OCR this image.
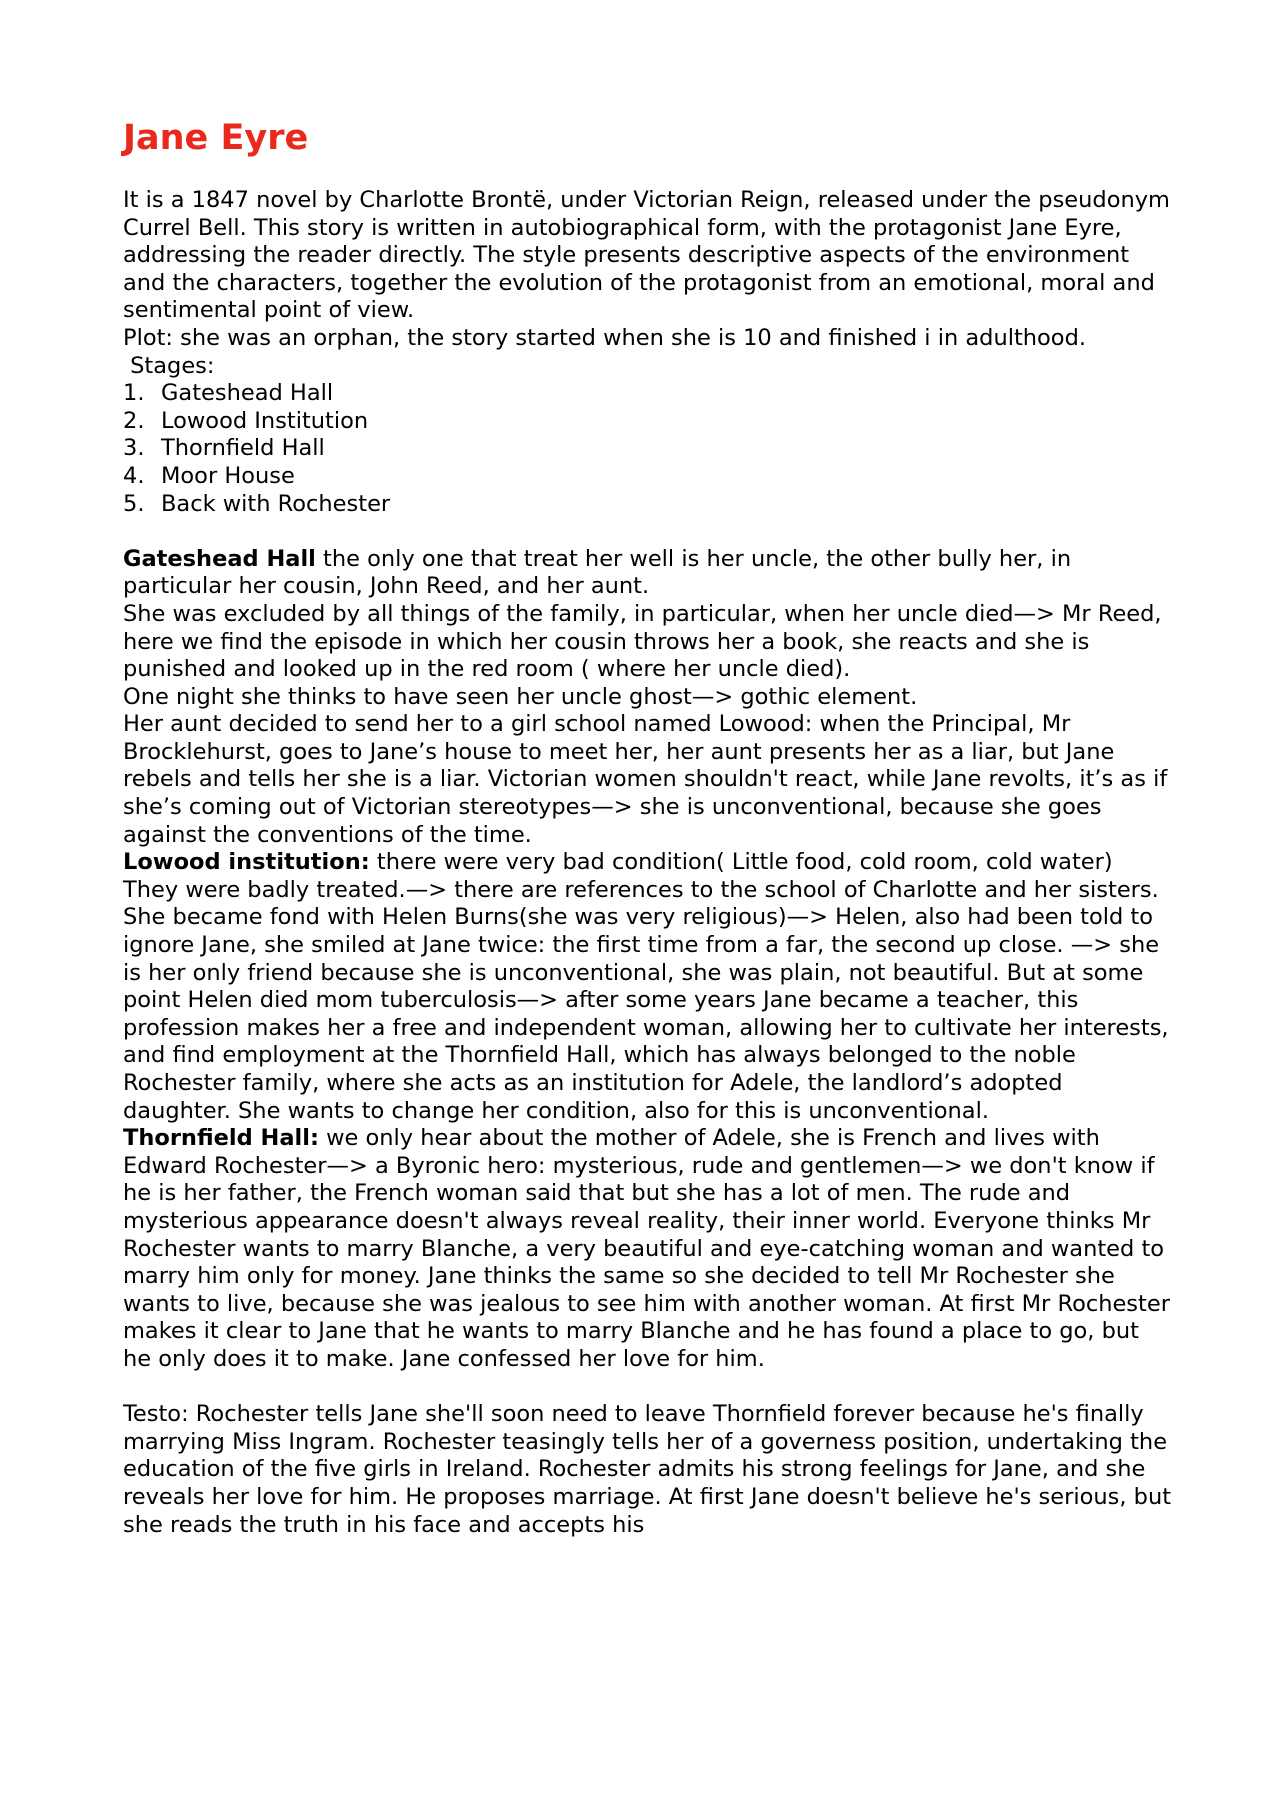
Jane Eyre

It is a 1847 novel by Charlotte Brontë, under Victorian Reign, released under the pseudonym Currel Bell. This story is written in autobiographical form, with the protagonist Jane Eyre, addressing the reader directly. The style presents descriptive aspects of the environment and the characters, together the evolution of the protagonist from an emotional, moral and sentimental point of view.

Plot: she was an orphan, the story started when she is 10 and finished i in adulthood.

Stages:

1. Gateshead Hall
2. Lowood Institution
3. Thornfield Hall
4. Moor House
5. Back with Rochester

Gateshead Hall the only one that treat her well is her uncle, the other bully her, in particular her cousin, John Reed, and her aunt.

She was excluded by all things of the family, in particular, when her uncle died—> Mr Reed, here we find the episode in which her cousin throws her a book, she reacts and she is punished and looked up in the red room ( where her uncle died).

One night she thinks to have seen her uncle ghost—> gothic element.

Her aunt decided to send her to a girl school named Lowood: when the Principal, Mr Brocklehurst, goes to Jane’s house to meet her, her aunt presents her as a liar, but Jane rebels and tells her she is a liar. Victorian women shouldn't react, while Jane revolts, it’s as if she’s coming out of Victorian stereotypes—> she is unconventional, because she goes against the conventions of the time.

Lowood institution: there were very bad condition( Little food, cold room, cold water)

They were badly treated.—> there are references to the school of Charlotte and her sisters.

She became fond with Helen Burns(she was very religious)—> Helen, also had been told to ignore Jane, she smiled at Jane twice: the first time from a far, the second up close. —> she is her only friend because she is unconventional, she was plain, not beautiful. But at some point Helen died mom tuberculosis—> after some years Jane became a teacher, this profession makes her a free and independent woman, allowing her to cultivate her interests, and find employment at the Thornfield Hall, which has always belonged to the noble Rochester family, where she acts as an institution for Adele, the landlord’s adopted daughter. She wants to change her condition, also for this is unconventional.

Thornfield Hall: we only hear about the mother of Adele, she is French and lives with Edward Rochester—> a Byronic hero: mysterious, rude and gentlemen—> we don't know if he is her father, the French woman said that but she has a lot of men. The rude and mysterious appearance doesn't always reveal reality, their inner world. Everyone thinks Mr Rochester wants to marry Blanche, a very beautiful and eye-catching woman and wanted to marry him only for money. Jane thinks the same so she decided to tell Mr Rochester she wants to live, because she was jealous to see him with another woman. At first Mr Rochester makes it clear to Jane that he wants to marry Blanche and he has found a place to go, but he only does it to make. Jane confessed her love for him.

Testo: Rochester tells Jane she'll soon need to leave Thornfield forever because he's finally marrying Miss Ingram. Rochester teasingly tells her of a governess position, undertaking the education of the five girls in Ireland. Rochester admits his strong feelings for Jane, and she reveals her love for him. He proposes marriage. At first Jane doesn't believe he's serious, but she reads the truth in his face and accepts his
